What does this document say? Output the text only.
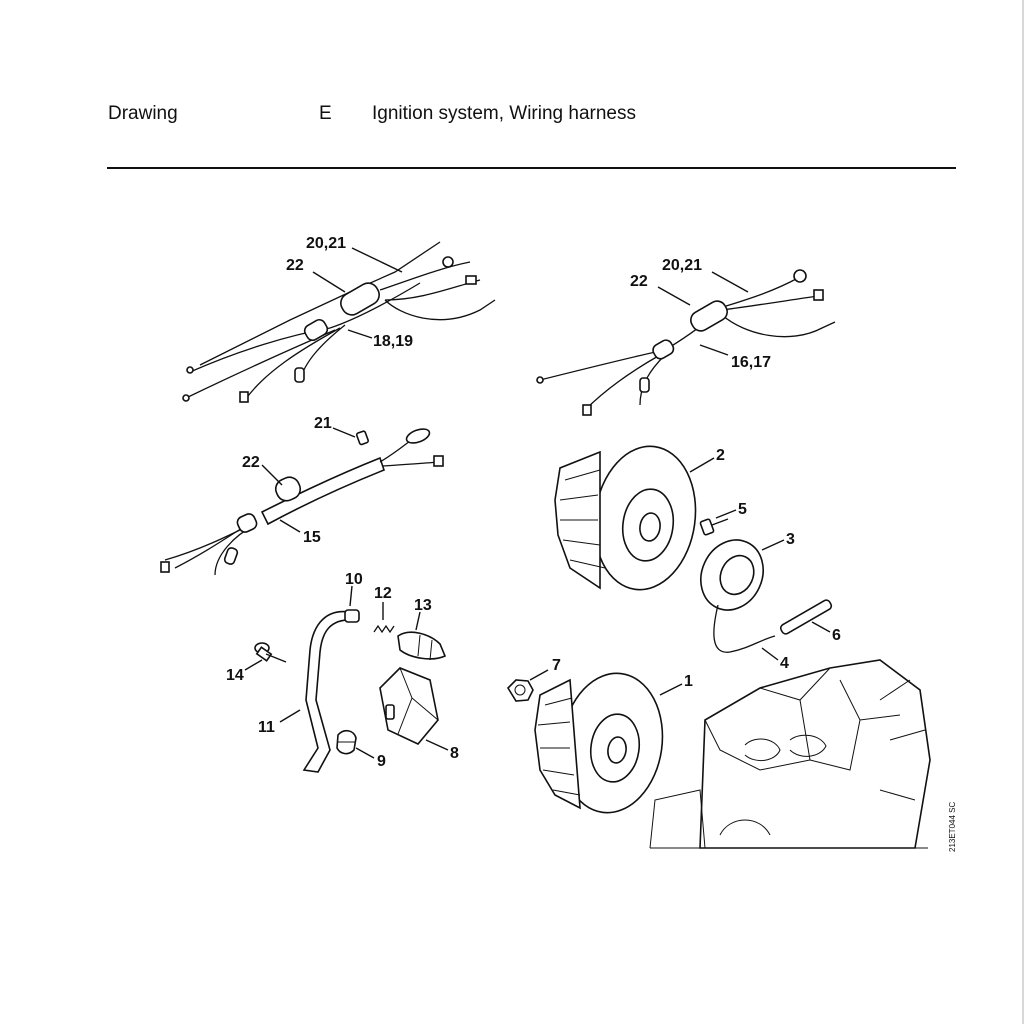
Drawing	E Ignition system, Wiring harness
20,21
22
18,19
20,21
22
16,17
21
22
15
2
5
3
4
6
7
1
10
11
12
13
14
9	8
213ET044 SC
